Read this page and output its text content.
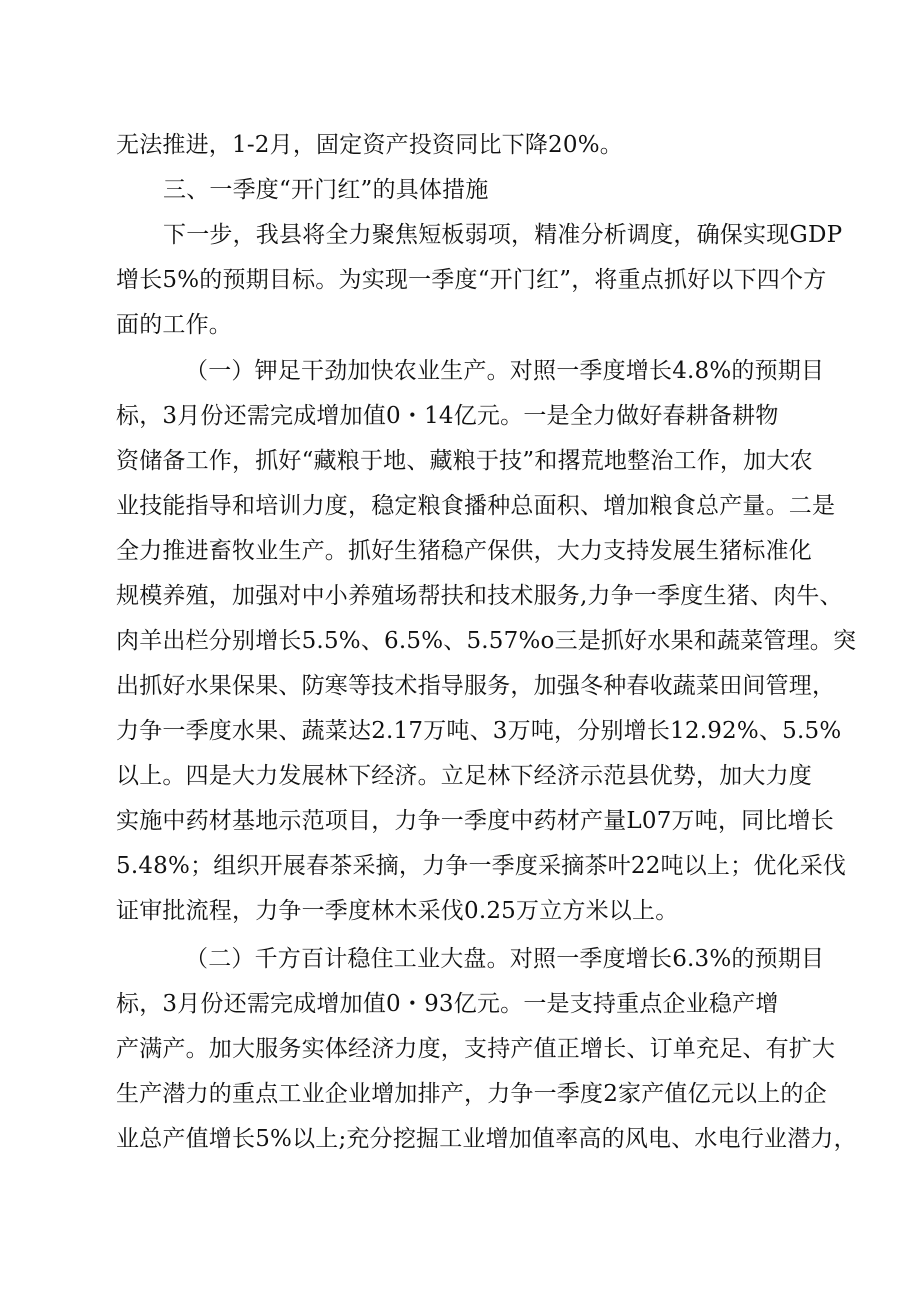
无法推进，1-2月，固定资产投资同比下降20%。
三、一季度“开门红”的具体措施
下一步，我县将全力聚焦短板弱项，精准分析调度，确保实现GDP
增长5%的预期目标。为实现一季度“开门红”，将重点抓好以下四个方
面的工作。
（一）钾足干劲加快农业生产。对照一季度增长4.8%的预期目
标，3月份还需完成增加值0・14亿元。一是全力做好春耕备耕物
资储备工作，抓好“藏粮于地、藏粮于技”和撂荒地整治工作，加大农
业技能指导和培训力度，稳定粮食播种总面积、增加粮食总产量。二是
全力推进畜牧业生产。抓好生猪稳产保供，大力支持发展生猪标准化
规模养殖，加强对中小养殖场帮扶和技术服务,力争一季度生猪、肉牛、
肉羊出栏分别增长5.5%、6.5%、5.57%o三是抓好水果和蔬菜管理。突
出抓好水果保果、防寒等技术指导服务，加强冬种春收蔬菜田间管理，
力争一季度水果、蔬菜达2.17万吨、3万吨，分别增长12.92%、5.5%
以上。四是大力发展林下经济。立足林下经济示范县优势，加大力度
实施中药材基地示范项目，力争一季度中药材产量L07万吨，同比增长
5.48%；组织开展春茶采摘，力争一季度采摘茶叶22吨以上；优化采伐
证审批流程，力争一季度林木采伐0.25万立方米以上。
（二）千方百计稳住工业大盘。对照一季度增长6.3%的预期目
标，3月份还需完成增加值0・93亿元。一是支持重点企业稳产增
产满产。加大服务实体经济力度，支持产值正增长、订单充足、有扩大
生产潜力的重点工业企业增加排产，力争一季度2家产值亿元以上的企
业总产值增长5%以上;充分挖掘工业增加值率高的风电、水电行业潜力，
